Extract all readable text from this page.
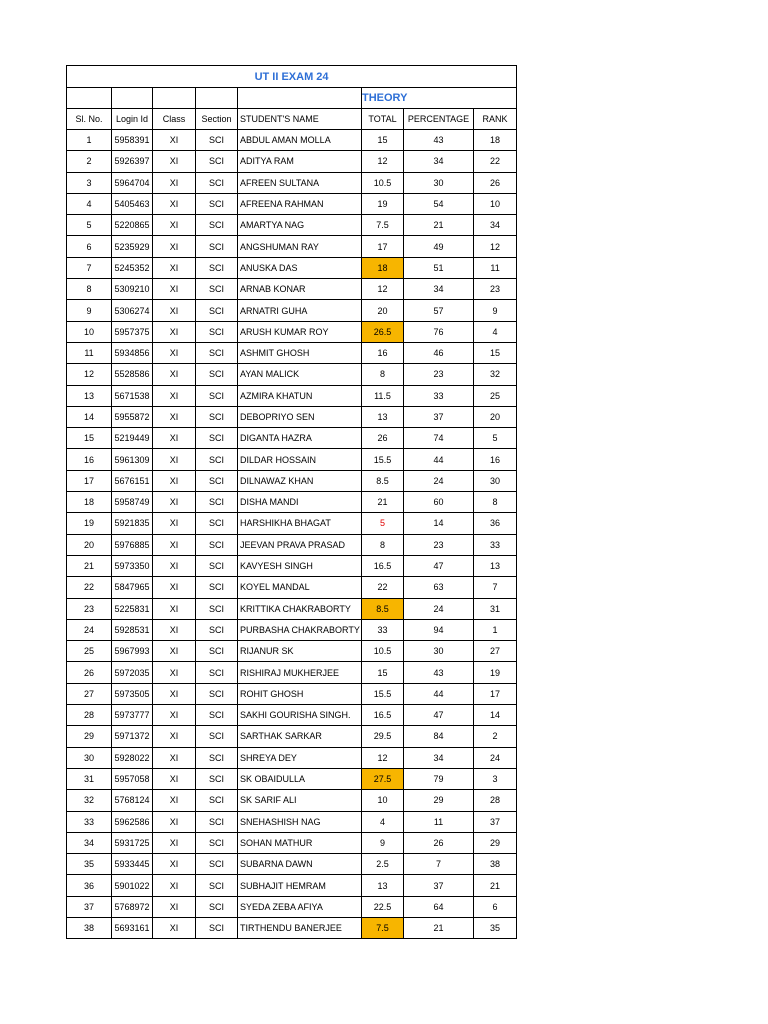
UT II EXAM 24							
					THEORY		
Sl. No.	Login Id	Class	Section	STUDENT'S NAME	TOTAL	PERCENTAGE	RANK
1	5958391	XI	SCI	ABDUL AMAN MOLLA	15	43	18
2	5926397	XI	SCI	ADITYA RAM	12	34	22
3	5964704	XI	SCI	AFREEN SULTANA	10.5	30	26
4	5405463	XI	SCI	AFREENA RAHMAN	19	54	10
5	5220865	XI	SCI	AMARTYA NAG	7.5	21	34
6	5235929	XI	SCI	ANGSHUMAN RAY	17	49	12
7	5245352	XI	SCI	ANUSKA DAS	18	51	11
8	5309210	XI	SCI	ARNAB KONAR	12	34	23
9	5306274	XI	SCI	ARNATRI GUHA	20	57	9
10	5957375	XI	SCI	ARUSH KUMAR ROY	26.5	76	4
11	5934856	XI	SCI	ASHMIT GHOSH	16	46	15
12	5528586	XI	SCI	AYAN MALICK	8	23	32
13	5671538	XI	SCI	AZMIRA KHATUN	11.5	33	25
14	5955872	XI	SCI	DEBOPRIYO SEN	13	37	20
15	5219449	XI	SCI	DIGANTA HAZRA	26	74	5
16	5961309	XI	SCI	DILDAR HOSSAIN	15.5	44	16
17	5676151	XI	SCI	DILNAWAZ KHAN	8.5	24	30
18	5958749	XI	SCI	DISHA MANDI	21	60	8
19	5921835	XI	SCI	HARSHIKHA BHAGAT	5	14	36
20	5976885	XI	SCI	JEEVAN PRAVA PRASAD	8	23	33
21	5973350	XI	SCI	KAVYESH SINGH	16.5	47	13
22	5847965	XI	SCI	KOYEL MANDAL	22	63	7
23	5225831	XI	SCI	KRITTIKA CHAKRABORTY	8.5	24	31
24	5928531	XI	SCI	PURBASHA CHAKRABORTY	33	94	1
25	5967993	XI	SCI	RIJANUR SK	10.5	30	27
26	5972035	XI	SCI	RISHIRAJ MUKHERJEE	15	43	19
27	5973505	XI	SCI	ROHIT GHOSH	15.5	44	17
28	5973777	XI	SCI	SAKHI GOURISHA SINGH.	16.5	47	14
29	5971372	XI	SCI	SARTHAK SARKAR	29.5	84	2
30	5928022	XI	SCI	SHREYA DEY	12	34	24
31	5957058	XI	SCI	SK OBAIDULLA	27.5	79	3
32	5768124	XI	SCI	SK SARIF ALI	10	29	28
33	5962586	XI	SCI	SNEHASHISH NAG	4	11	37
34	5931725	XI	SCI	SOHAN MATHUR	9	26	29
35	5933445	XI	SCI	SUBARNA DAWN	2.5	7	38
36	5901022	XI	SCI	SUBHAJIT HEMRAM	13	37	21
37	5768972	XI	SCI	SYEDA ZEBA AFIYA	22.5	64	6
38	5693161	XI	SCI	TIRTHENDU BANERJEE	7.5	21	35
